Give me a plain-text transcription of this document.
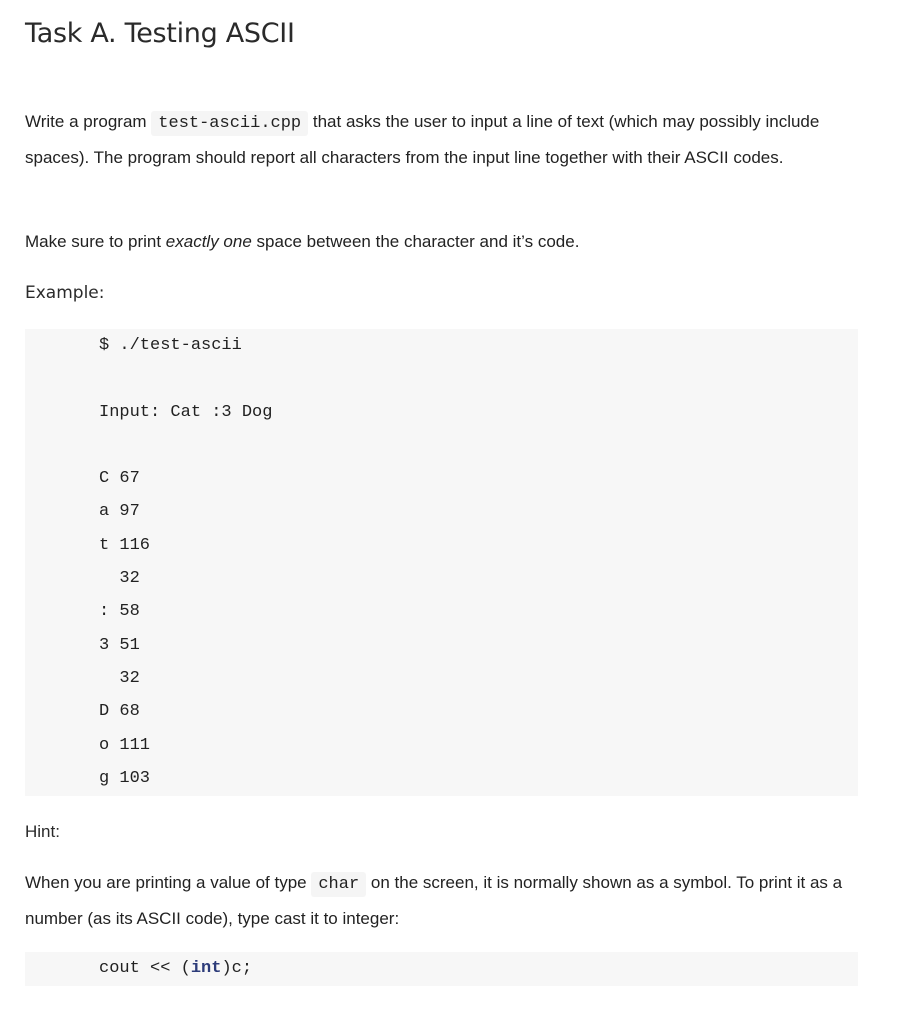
Task A. Testing ASCII

Write a program test-ascii.cpp that asks the user to input a line of text (which may possibly include spaces). The program should report all characters from the input line together with their ASCII codes.

Make sure to print exactly one space between the character and it’s code.

Example:

$ ./test-ascii
Input: Cat :3 Dog
C 67
a 97
t 116
32
: 58
3 51
32
D 68
o 111
g 103

Hint:

When you are printing a value of type char on the screen, it is normally shown as a symbol. To print it as a number (as its ASCII code), type cast it to integer:

cout << (int)c;
